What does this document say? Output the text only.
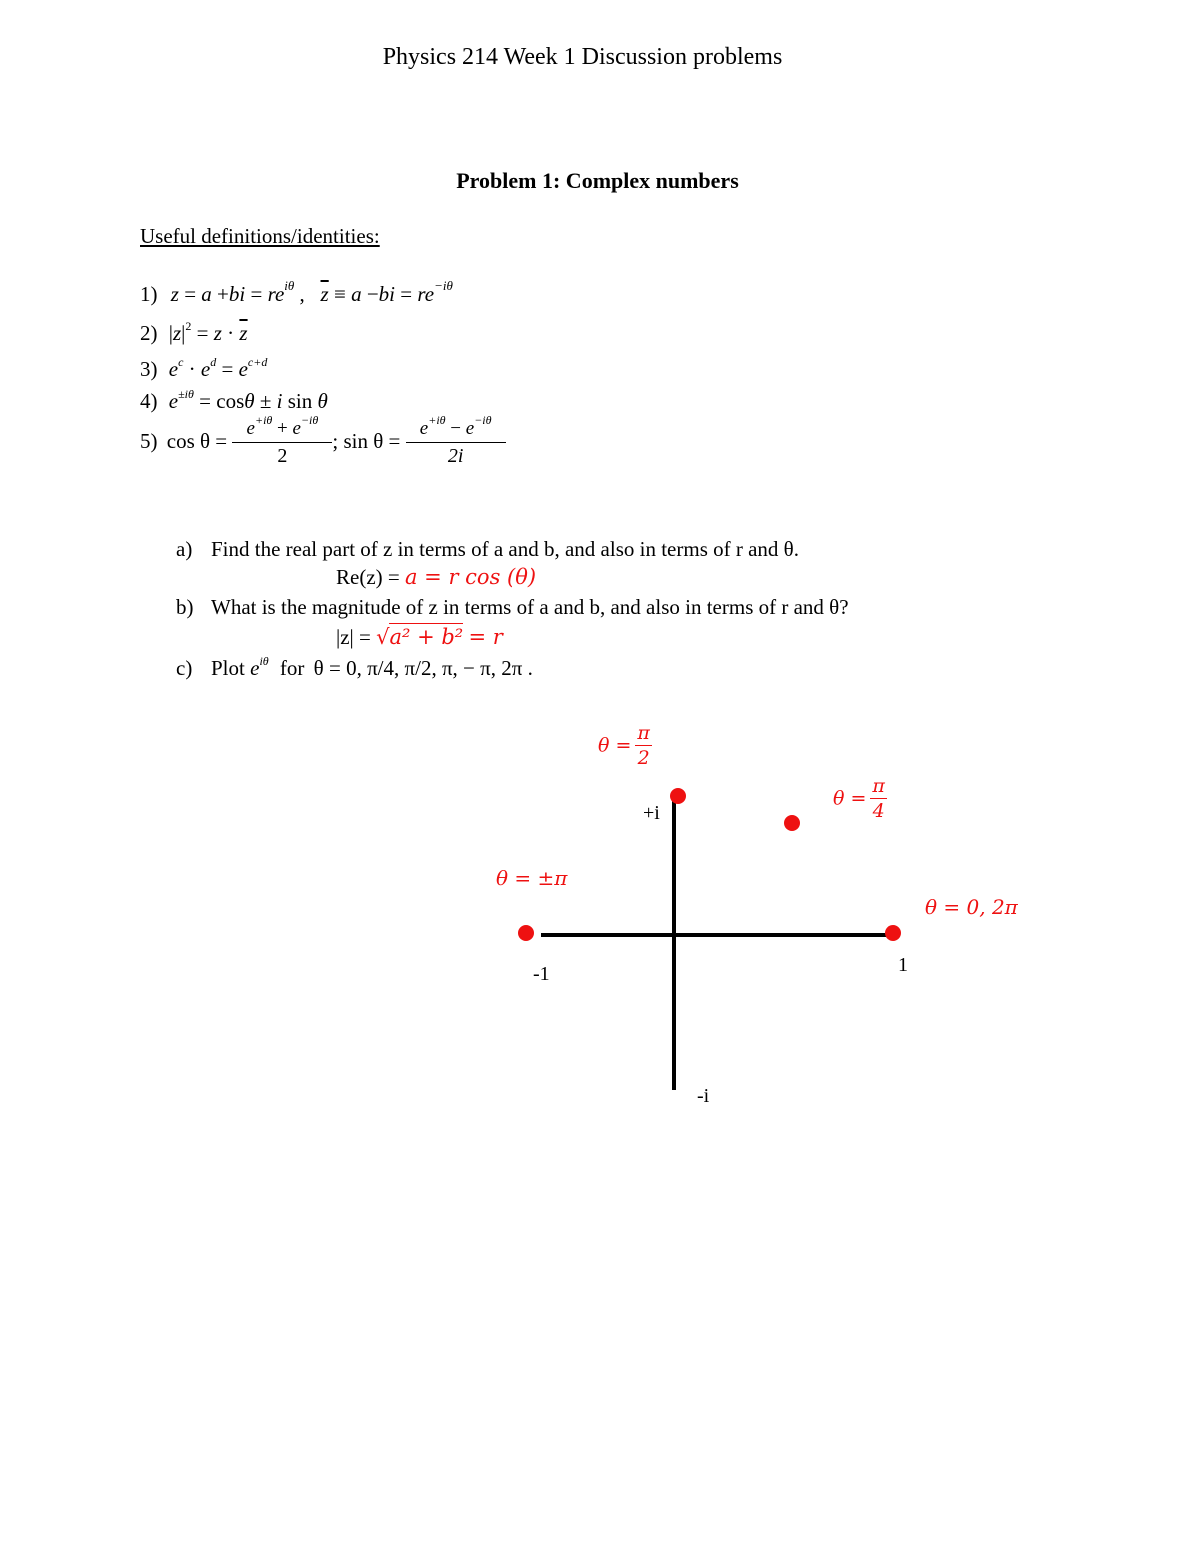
Physics 214 Week 1 Discussion problems
Problem 1: Complex numbers
Useful definitions/identities:
1) $z = a +bi = re^{i\theta}$ ,   $\overline{z} \equiv a -bi = re^{-i\theta}$
2) $|z|^2 = z \cdot \overline{z}$
3) $e^c \cdot e^d = e^{c+d}$
4) $e^{\pm i\theta} = \cos\theta \pm i$ sin θ
5) $\cos \theta = \frac{e^{+i\theta} + e^{-i\theta}}{2}$ ; $\sin \theta = \frac{e^{+i\theta} - e^{-i\theta}}{2i}$
a) Find the real part of z in terms of a and b, and also in terms of r and θ.
Re(z) = a = r cos (θ)
b) What is the magnitude of z in terms of a and b, and also in terms of r and θ?
|z| = √a² + b² = r
c) Plot $e^{i\theta}$ for θ = 0, π/4, π/2, π, − π, 2π .
+i
-i
-1	1
$\theta = \frac{\pi}{2}$
$\theta = \frac{\pi}{4}$
θ = ±π
θ = 0, 2π
